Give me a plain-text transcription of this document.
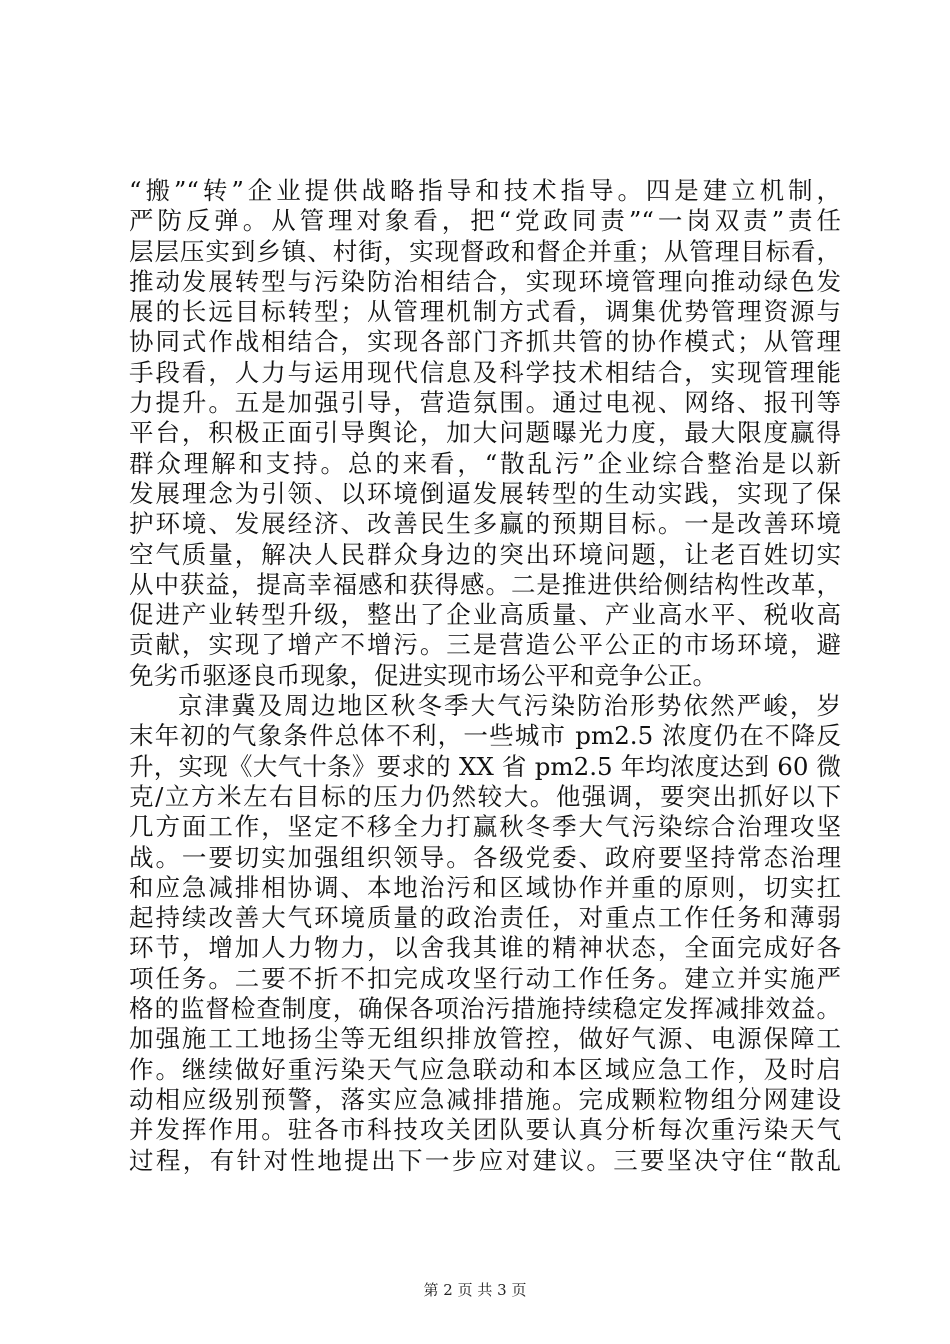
“搬”“转”企业提供战略指导和技术指导。四是建立机制，
严防反弹。从管理对象看，把“党政同责”“一岗双责”责任
层层压实到乡镇、村街，实现督政和督企并重；从管理目标看，
推动发展转型与污染防治相结合，实现环境管理向推动绿色发
展的长远目标转型；从管理机制方式看，调集优势管理资源与
协同式作战相结合，实现各部门齐抓共管的协作模式；从管理
手段看，人力与运用现代信息及科学技术相结合，实现管理能
力提升。五是加强引导，营造氛围。通过电视、网络、报刊等
平台，积极正面引导舆论，加大问题曝光力度，最大限度赢得
群众理解和支持。总的来看，“散乱污”企业综合整治是以新
发展理念为引领、以环境倒逼发展转型的生动实践，实现了保
护环境、发展经济、改善民生多赢的预期目标。一是改善环境
空气质量，解决人民群众身边的突出环境问题，让老百姓切实
从中获益，提高幸福感和获得感。二是推进供给侧结构性改革，
促进产业转型升级，整出了企业高质量、产业高水平、税收高
贡献，实现了增产不增污。三是营造公平公正的市场环境，避
免劣币驱逐良币现象，促进实现市场公平和竞争公正。
京津冀及周边地区秋冬季大气污染防治形势依然严峻，岁
末年初的气象条件总体不利，一些城市 pm2.5 浓度仍在不降反
升，实现《大气十条》要求的 XX 省 pm2.5 年均浓度达到 60 微
克/立方米左右目标的压力仍然较大。他强调，要突出抓好以下
几方面工作，坚定不移全力打赢秋冬季大气污染综合治理攻坚
战。一要切实加强组织领导。各级党委、政府要坚持常态治理
和应急减排相协调、本地治污和区域协作并重的原则，切实扛
起持续改善大气环境质量的政治责任，对重点工作任务和薄弱
环节，增加人力物力，以舍我其谁的精神状态，全面完成好各
项任务。二要不折不扣完成攻坚行动工作任务。建立并实施严
格的监督检查制度，确保各项治污措施持续稳定发挥减排效益。
加强施工工地扬尘等无组织排放管控，做好气源、电源保障工
作。继续做好重污染天气应急联动和本区域应急工作，及时启
动相应级别预警，落实应急减排措施。完成颗粒物组分网建设
并发挥作用。驻各市科技攻关团队要认真分析每次重污染天气
过程，有针对性地提出下一步应对建议。三要坚决守住“散乱
第 2 页 共 3 页
